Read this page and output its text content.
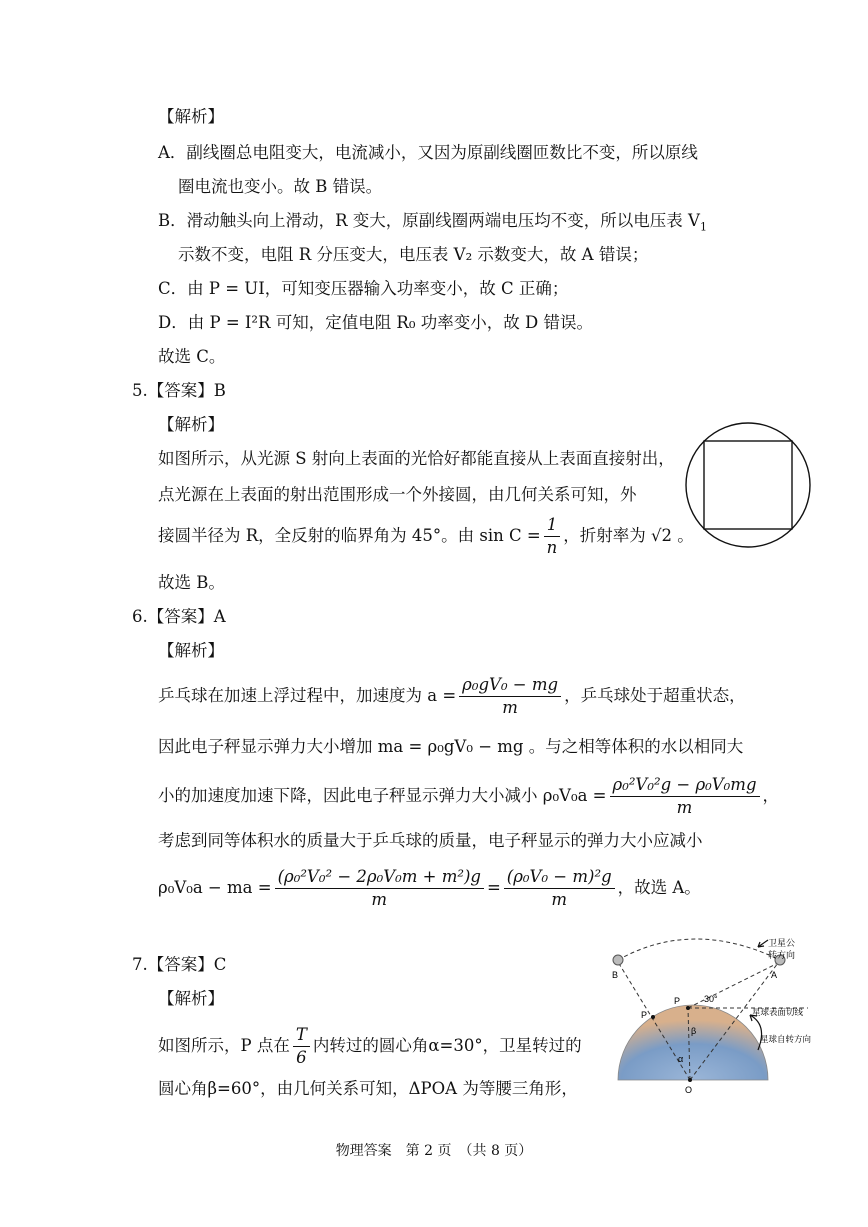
【解析】
A．副线圈总电阻变大，电流减小，又因为原副线圈匝数比不变，所以原线
圈电流也变小。故 B 错误。
B．滑动触头向上滑动，R 变大，原副线圈两端电压均不变，所以电压表 $V_1$
示数不变，电阻 R 分压变大，电压表 V₂ 示数变大，故 A 错误；
C．由 P = UI，可知变压器输入功率变小，故 C 正确；
D．由 P = I²R 可知，定值电阻 R₀ 功率变小，故 D 错误。
故选 C。
5.【答案】B
【解析】
如图所示，从光源 S 射向上表面的光恰好都能直接从上表面直接射出，
点光源在上表面的射出范围形成一个外接圆，由几何关系可知，外
接圆半径为 R，全反射的临界角为 45°。由 $\sin C = \frac{1}{n}$ ，折射率为 √2 。
故选 B。
6.【答案】A
【解析】
乒乓球在加速上浮过程中，加速度为 $a = \frac{\text{ρ₀gV₀ − mg}}{m}$ ，乒乓球处于超重状态，
因此电子秤显示弹力大小增加 ma = ρ₀gV₀ − mg 。与之相等体积的水以相同大
小的加速度加速下降，因此电子秤显示弹力大小减小 $\rho_0V_0a = \frac{\text{ρ₀²V₀²g − ρ₀V₀mg}}{m}$ ，
考虑到同等体积水的质量大于乒乓球的质量，电子秤显示的弹力大小应减小
ρ₀V₀a − ma = $\frac{\text{(ρ₀²V₀² − 2ρ₀V₀m + m²)g}}{m} = \frac{\text{(ρ₀V₀ − m)²g}}{m}$ ，故选 A。
7.【答案】C
【解析】
如图所示，P 点在 $\frac{T}{6}$ 内转过的圆心角α=30°，卫星转过的
圆心角β=60°，由几何关系可知，ΔPOA 为等腰三角形，
B	A
P
P
O
α
β
30°
卫星公
转方向
星球表面切线
星球自转方向
物理答案　第 2 页　（共 8 页）
